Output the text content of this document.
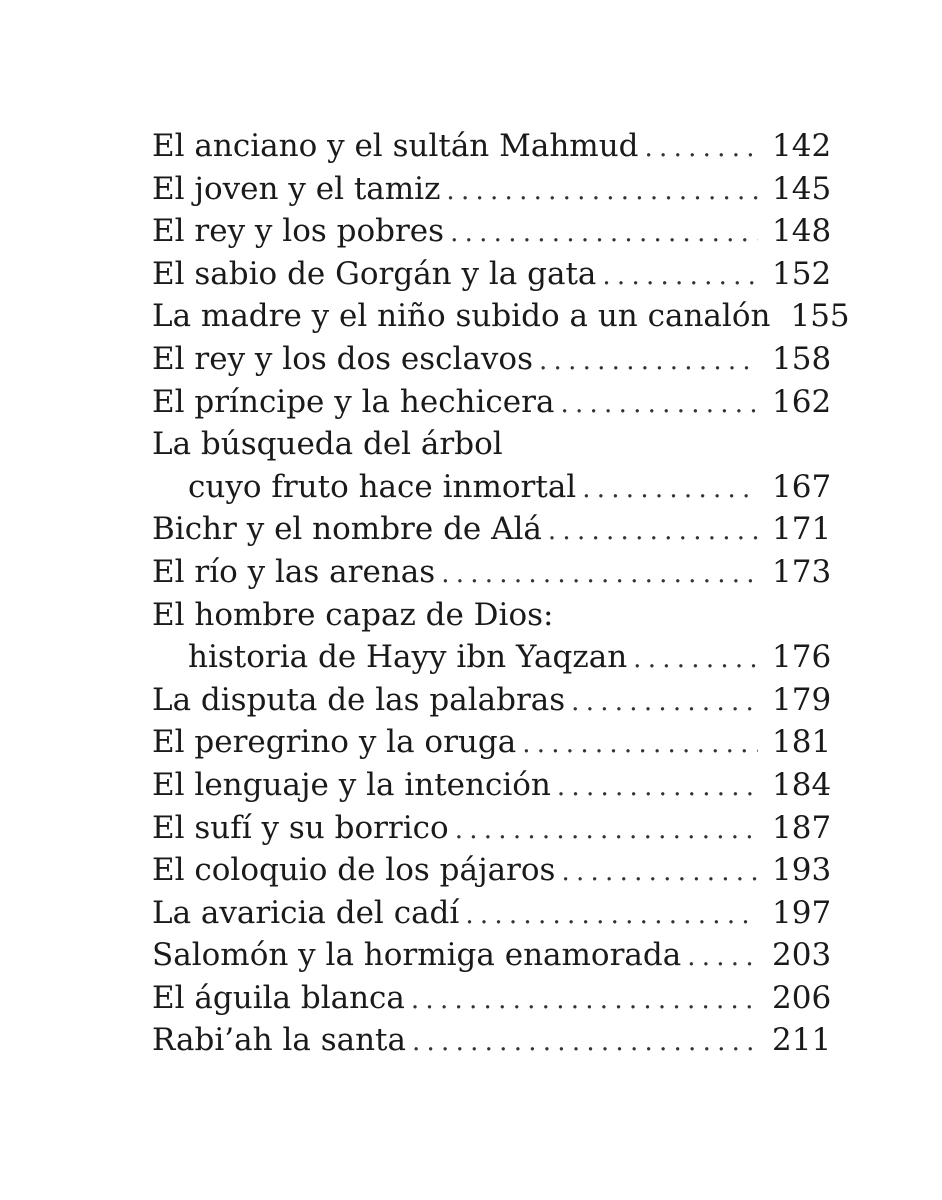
El anciano y el sultán Mahmud . . .	142
El joven y el tamiz . . .	145
El rey y los pobres . . .	148
El sabio de Gorgán y la gata . . .	152
La madre y el niño subido a un canalón 155
El rey y los dos esclavos . . .	158
El príncipe y la hechicera . . .	162
La búsqueda del árbol
cuyo fruto hace inmortal . . .	167
Bichr y el nombre de Alá . . .	171
El río y las arenas . . .	173
El hombre capaz de Dios:
historia de Hayy ibn Yaqzan . . .	176
La disputa de las palabras . . .	179
El peregrino y la oruga . . .	181
El lenguaje y la intención . . .	184
El sufí y su borrico . . .	187
El coloquio de los pájaros . . .	193
La avaricia del cadí . . .	197
Salomón y la hormiga enamorada . . .	203
El águila blanca . . .	206
Rabi’ah la santa . . .	211
